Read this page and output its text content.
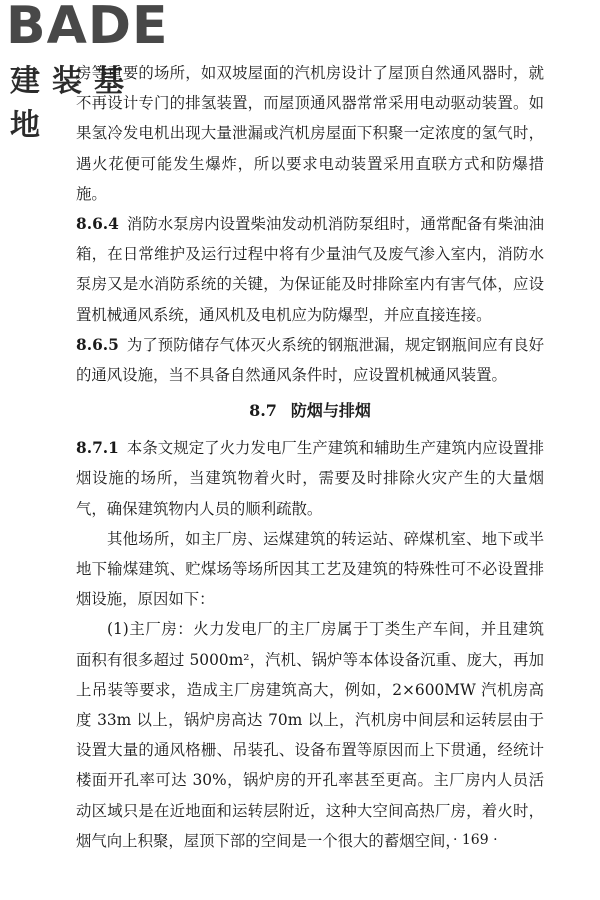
BADE
建装基地

房等重要的场所，如双坡屋面的汽机房设计了屋顶自然通风器时，就不再设计专门的排氢装置，而屋顶通风器常常采用电动驱动装置。如果氢冷发电机出现大量泄漏或汽机房屋面下积聚一定浓度的氢气时，遇火花便可能发生爆炸，所以要求电动装置采用直联方式和防爆措施。

8.6.4 消防水泵房内设置柴油发动机消防泵组时，通常配备有柴油油箱，在日常维护及运行过程中将有少量油气及废气渗入室内，消防水泵房又是水消防系统的关键，为保证能及时排除室内有害气体，应设置机械通风系统，通风机及电机应为防爆型，并应直接连接。

8.6.5 为了预防储存气体灭火系统的钢瓶泄漏，规定钢瓶间应有良好的通风设施，当不具备自然通风条件时，应设置机械通风装置。

8.7 防烟与排烟

8.7.1 本条文规定了火力发电厂生产建筑和辅助生产建筑内应设置排烟设施的场所，当建筑物着火时，需要及时排除火灾产生的大量烟气，确保建筑物内人员的顺利疏散。

其他场所，如主厂房、运煤建筑的转运站、碎煤机室、地下或半地下输煤建筑、贮煤场等场所因其工艺及建筑的特殊性可不必设置排烟设施，原因如下：

(1)主厂房：火力发电厂的主厂房属于丁类生产车间，并且建筑面积有很多超过 5000m²，汽机、锅炉等本体设备沉重、庞大，再加上吊装等要求，造成主厂房建筑高大，例如，2×600MW 汽机房高度 33m 以上，锅炉房高达 70m 以上，汽机房中间层和运转层由于设置大量的通风格栅、吊装孔、设备布置等原因而上下贯通，经统计楼面开孔率可达 30%，锅炉房的开孔率甚至更高。主厂房内人员活动区域只是在近地面和运转层附近，这种大空间高热厂房，着火时，烟气向上积聚，屋顶下部的空间是一个很大的蓄烟空间，

· 169 ·
